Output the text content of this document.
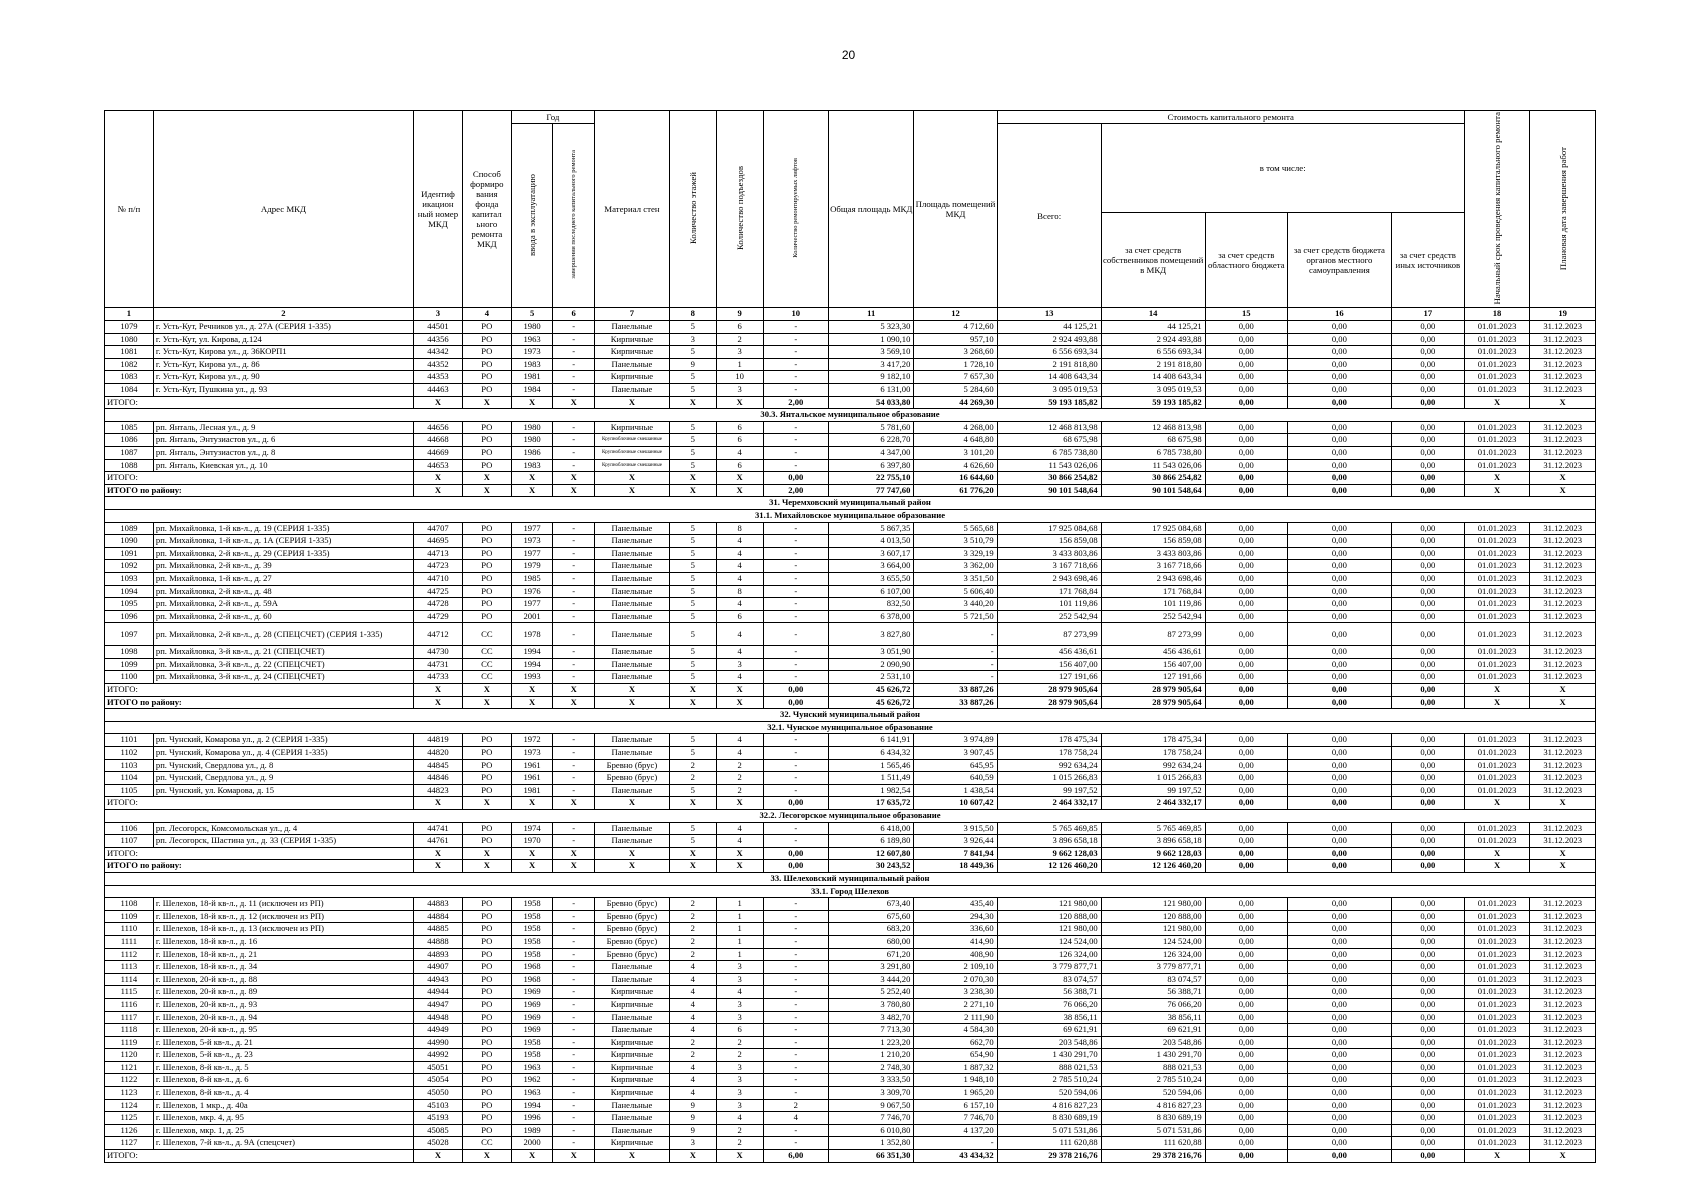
20
№ п/п	Адрес МКД	Идентиф икацион ный номер МКД	Способ формиро вания фонда капитал ьного ремонта МКД	Год		Материал стен	Количество этажей	Количество подъездов	Количество ремонтируемых лифтов	Общая площадь МКД	Площадь помещений МКД	Стоимость капитального ремонта					Начальный срок проведения капитального ремонта	Плановая дата завершения работ
				ввода в эксплуатацию	завершения последнего капитального ремонта							Всего:	в том числе:					
													за счет средств собственников помещений в МКД	за счет средств областного бюджета	за счет средств бюджета органов местного самоуправления	за счет средств иных источников		
1	2	3	4	5	6	7	8	9	10	11	12	13	14	15	16	17	18	19
1079	г. Усть-Кут, Речников ул., д. 27А (СЕРИЯ 1-335)	44501	РО	1980	-	Панельные	5	6	-	5 323,30	4 712,60	44 125,21	44 125,21	0,00	0,00	0,00	01.01.2023	31.12.2023
1080	г. Усть-Кут, ул. Кирова, д.124	44356	РО	1963	-	Кирпичные	3	2	-	1 090,10	957,10	2 924 493,88	2 924 493,88	0,00	0,00	0,00	01.01.2023	31.12.2023
1081	г. Усть-Кут, Кирова ул., д. 36КОРП1	44342	РО	1973	-	Кирпичные	5	3	-	3 569,10	3 268,60	6 556 693,34	6 556 693,34	0,00	0,00	0,00	01.01.2023	31.12.2023
1082	г. Усть-Кут, Кирова ул., д. 86	44352	РО	1983	-	Панельные	9	1	-	3 417,20	1 728,10	2 191 818,80	2 191 818,80	0,00	0,00	0,00	01.01.2023	31.12.2023
1083	г. Усть-Кут, Кирова ул., д. 90	44353	РО	1981	-	Кирпичные	5	10	-	9 182,10	7 657,30	14 408 643,34	14 408 643,34	0,00	0,00	0,00	01.01.2023	31.12.2023
1084	г. Усть-Кут, Пушкина ул., д. 93	44463	РО	1984	-	Панельные	5	3	-	6 131,00	5 284,60	3 095 019,53	3 095 019,53	0,00	0,00	0,00	01.01.2023	31.12.2023
ИТОГО:		X	X	X	X	X	X	X	2,00	54 033,80	44 269,30	59 193 185,82	59 193 185,82	0,00	0,00	0,00	X	X
30.3. Янтальское муниципальное образование																		
1085	рп. Янталь, Лесная ул., д. 9	44656	РО	1980	-	Кирпичные	5	6	-	5 781,60	4 268,00	12 468 813,98	12 468 813,98	0,00	0,00	0,00	01.01.2023	31.12.2023
1086	рп. Янталь, Энтузиастов ул., д. 6	44668	РО	1980	-	Крупноблочные смешанные	5	6	-	6 228,70	4 648,80	68 675,98	68 675,98	0,00	0,00	0,00	01.01.2023	31.12.2023
1087	рп. Янталь, Энтузиастов ул., д. 8	44669	РО	1986	-	Крупноблочные смешанные	5	4	-	4 347,00	3 101,20	6 785 738,80	6 785 738,80	0,00	0,00	0,00	01.01.2023	31.12.2023
1088	рп. Янталь, Киевская ул., д. 10	44653	РО	1983	-	Крупноблочные смешанные	5	6	-	6 397,80	4 626,60	11 543 026,06	11 543 026,06	0,00	0,00	0,00	01.01.2023	31.12.2023
ИТОГО:		X	X	X	X	X	X	X	0,00	22 755,10	16 644,60	30 866 254,82	30 866 254,82	0,00	0,00	0,00	X	X
ИТОГО по району:		X	X	X	X	X	X	X	2,00	77 747,60	61 776,20	90 101 548,64	90 101 548,64	0,00	0,00	0,00	X	X
31. Черемховский муниципальный район																		
31.1. Михайловское муниципальное образование																		
1089	рп. Михайловка, 1-й кв-л., д. 19 (СЕРИЯ 1-335)	44707	РО	1977	-	Панельные	5	8	-	5 867,35	5 565,68	17 925 084,68	17 925 084,68	0,00	0,00	0,00	01.01.2023	31.12.2023
1090	рп. Михайловка, 1-й кв-л., д. 1А (СЕРИЯ 1-335)	44695	РО	1973	-	Панельные	5	4	-	4 013,50	3 510,79	156 859,08	156 859,08	0,00	0,00	0,00	01.01.2023	31.12.2023
1091	рп. Михайловка, 2-й кв-л., д. 29 (СЕРИЯ 1-335)	44713	РО	1977	-	Панельные	5	4	-	3 607,17	3 329,19	3 433 803,86	3 433 803,86	0,00	0,00	0,00	01.01.2023	31.12.2023
1092	рп. Михайловка, 2-й кв-л., д. 39	44723	РО	1979	-	Панельные	5	4	-	3 664,00	3 362,00	3 167 718,66	3 167 718,66	0,00	0,00	0,00	01.01.2023	31.12.2023
1093	рп. Михайловка, 1-й кв-л., д. 27	44710	РО	1985	-	Панельные	5	4	-	3 655,50	3 351,50	2 943 698,46	2 943 698,46	0,00	0,00	0,00	01.01.2023	31.12.2023
1094	рп. Михайловка, 2-й кв-л., д. 48	44725	РО	1976	-	Панельные	5	8	-	6 107,00	5 606,40	171 768,84	171 768,84	0,00	0,00	0,00	01.01.2023	31.12.2023
1095	рп. Михайловка, 2-й кв-л., д. 59А	44728	РО	1977	-	Панельные	5	4	-	832,50	3 440,20	101 119,86	101 119,86	0,00	0,00	0,00	01.01.2023	31.12.2023
1096	рп. Михайловка, 2-й кв-л., д. 60	44729	РО	2001	-	Панельные	5	6	-	6 378,00	5 721,50	252 542,94	252 542,94	0,00	0,00	0,00	01.01.2023	31.12.2023
1097	рп. Михайловка, 2-й кв-л., д. 28 (СПЕЦСЧЕТ) (СЕРИЯ 1-335)	44712	СС	1978	-	Панельные	5	4	-	3 827,80	-	87 273,99	87 273,99	0,00	0,00	0,00	01.01.2023	31.12.2023
1098	рп. Михайловка, 3-й кв-л., д. 21 (СПЕЦСЧЕТ)	44730	СС	1994	-	Панельные	5	4	-	3 051,90	-	456 436,61	456 436,61	0,00	0,00	0,00	01.01.2023	31.12.2023
1099	рп. Михайловка, 3-й кв-л., д. 22 (СПЕЦСЧЕТ)	44731	СС	1994	-	Панельные	5	3	-	2 090,90	-	156 407,00	156 407,00	0,00	0,00	0,00	01.01.2023	31.12.2023
1100	рп. Михайловка, 3-й кв-л., д. 24 (СПЕЦСЧЕТ)	44733	СС	1993	-	Панельные	5	4	-	2 531,10	-	127 191,66	127 191,66	0,00	0,00	0,00	01.01.2023	31.12.2023
ИТОГО:		X	X	X	X	X	X	X	0,00	45 626,72	33 887,26	28 979 905,64	28 979 905,64	0,00	0,00	0,00	X	X
ИТОГО по району:		X	X	X	X	X	X	X	0,00	45 626,72	33 887,26	28 979 905,64	28 979 905,64	0,00	0,00	0,00	X	X
32. Чунский муниципальный район																		
32.1. Чунское муниципальное образование																		
1101	рп. Чунский, Комарова ул., д. 2 (СЕРИЯ 1-335)	44819	РО	1972	-	Панельные	5	4	-	6 141,91	3 974,89	178 475,34	178 475,34	0,00	0,00	0,00	01.01.2023	31.12.2023
1102	рп. Чунский, Комарова ул., д. 4 (СЕРИЯ 1-335)	44820	РО	1973	-	Панельные	5	4	-	6 434,32	3 907,45	178 758,24	178 758,24	0,00	0,00	0,00	01.01.2023	31.12.2023
1103	рп. Чунский, Свердлова ул., д. 8	44845	РО	1961	-	Бревно (брус)	2	2	-	1 565,46	645,95	992 634,24	992 634,24	0,00	0,00	0,00	01.01.2023	31.12.2023
1104	рп. Чунский, Свердлова ул., д. 9	44846	РО	1961	-	Бревно (брус)	2	2	-	1 511,49	640,59	1 015 266,83	1 015 266,83	0,00	0,00	0,00	01.01.2023	31.12.2023
1105	рп. Чунский, ул. Комарова, д. 15	44823	РО	1981	-	Панельные	5	2	-	1 982,54	1 438,54	99 197,52	99 197,52	0,00	0,00	0,00	01.01.2023	31.12.2023
ИТОГО:		X	X	X	X	X	X	X	0,00	17 635,72	10 607,42	2 464 332,17	2 464 332,17	0,00	0,00	0,00	X	X
32.2. Лесогорское муниципальное образование																		
1106	рп. Лесогорск, Комсомольская ул., д. 4	44741	РО	1974	-	Панельные	5	4	-	6 418,00	3 915,50	5 765 469,85	5 765 469,85	0,00	0,00	0,00	01.01.2023	31.12.2023
1107	рп. Лесогорск, Шастина ул., д. 33 (СЕРИЯ 1-335)	44761	РО	1970	-	Панельные	5	4	-	6 189,80	3 926,44	3 896 658,18	3 896 658,18	0,00	0,00	0,00	01.01.2023	31.12.2023
ИТОГО:		X	X	X	X	X	X	X	0,00	12 607,80	7 841,94	9 662 128,03	9 662 128,03	0,00	0,00	0,00	X	X
ИТОГО по району:		X	X	X	X	X	X	X	0,00	30 243,52	18 449,36	12 126 460,20	12 126 460,20	0,00	0,00	0,00	X	X
33. Шелеховский муниципальный район																		
33.1. Город Шелехов																		
1108	г. Шелехов, 18-й кв-л., д. 11 (исключен из РП)	44883	РО	1958	-	Бревно (брус)	2	1	-	673,40	435,40	121 980,00	121 980,00	0,00	0,00	0,00	01.01.2023	31.12.2023
1109	г. Шелехов, 18-й кв-л., д. 12 (исключен из РП)	44884	РО	1958	-	Бревно (брус)	2	1	-	675,60	294,30	120 888,00	120 888,00	0,00	0,00	0,00	01.01.2023	31.12.2023
1110	г. Шелехов, 18-й кв-л., д. 13 (исключен из РП)	44885	РО	1958	-	Бревно (брус)	2	1	-	683,20	336,60	121 980,00	121 980,00	0,00	0,00	0,00	01.01.2023	31.12.2023
1111	г. Шелехов, 18-й кв-л., д. 16	44888	РО	1958	-	Бревно (брус)	2	1	-	680,00	414,90	124 524,00	124 524,00	0,00	0,00	0,00	01.01.2023	31.12.2023
1112	г. Шелехов, 18-й кв-л., д. 21	44893	РО	1958	-	Бревно (брус)	2	1	-	671,20	408,90	126 324,00	126 324,00	0,00	0,00	0,00	01.01.2023	31.12.2023
1113	г. Шелехов, 18-й кв-л., д. 34	44907	РО	1968	-	Панельные	4	3	-	3 291,80	2 109,10	3 779 877,71	3 779 877,71	0,00	0,00	0,00	01.01.2023	31.12.2023
1114	г. Шелехов, 20-й кв-л., д. 88	44943	РО	1968	-	Панельные	4	3	-	3 444,20	2 070,30	83 074,57	83 074,57	0,00	0,00	0,00	01.01.2023	31.12.2023
1115	г. Шелехов, 20-й кв-л., д. 89	44944	РО	1969	-	Кирпичные	4	4	-	5 252,40	3 238,30	56 388,71	56 388,71	0,00	0,00	0,00	01.01.2023	31.12.2023
1116	г. Шелехов, 20-й кв-л., д. 93	44947	РО	1969	-	Кирпичные	4	3	-	3 780,80	2 271,10	76 066,20	76 066,20	0,00	0,00	0,00	01.01.2023	31.12.2023
1117	г. Шелехов, 20-й кв-л., д. 94	44948	РО	1969	-	Панельные	4	3	-	3 482,70	2 111,90	38 856,11	38 856,11	0,00	0,00	0,00	01.01.2023	31.12.2023
1118	г. Шелехов, 20-й кв-л., д. 95	44949	РО	1969	-	Панельные	4	6	-	7 713,30	4 584,30	69 621,91	69 621,91	0,00	0,00	0,00	01.01.2023	31.12.2023
1119	г. Шелехов, 5-й кв-л., д. 21	44990	РО	1958	-	Кирпичные	2	2	-	1 223,20	662,70	203 548,86	203 548,86	0,00	0,00	0,00	01.01.2023	31.12.2023
1120	г. Шелехов, 5-й кв-л., д. 23	44992	РО	1958	-	Кирпичные	2	2	-	1 210,20	654,90	1 430 291,70	1 430 291,70	0,00	0,00	0,00	01.01.2023	31.12.2023
1121	г. Шелехов, 8-й кв-л., д. 5	45051	РО	1963	-	Кирпичные	4	3	-	2 748,30	1 887,32	888 021,53	888 021,53	0,00	0,00	0,00	01.01.2023	31.12.2023
1122	г. Шелехов, 8-й кв-л., д. 6	45054	РО	1962	-	Кирпичные	4	3	-	3 333,50	1 948,10	2 785 510,24	2 785 510,24	0,00	0,00	0,00	01.01.2023	31.12.2023
1123	г. Шелехов, 8-й кв-л., д. 4	45050	РО	1963	-	Кирпичные	4	3	-	3 309,70	1 965,20	520 594,06	520 594,06	0,00	0,00	0,00	01.01.2023	31.12.2023
1124	г. Шелехов, 1 мкр., д. 40а	45103	РО	1994	-	Панельные	9	3	2	9 067,50	6 157,10	4 816 827,23	4 816 827,23	0,00	0,00	0,00	01.01.2023	31.12.2023
1125	г. Шелехов, мкр. 4, д. 95	45193	РО	1996	-	Панельные	9	4	4	7 746,70	7 746,70	8 830 689,19	8 830 689,19	0,00	0,00	0,00	01.01.2023	31.12.2023
1126	г. Шелехов, мкр. 1, д. 25	45085	РО	1989	-	Панельные	9	2	-	6 010,80	4 137,20	5 071 531,86	5 071 531,86	0,00	0,00	0,00	01.01.2023	31.12.2023
1127	г. Шелехов, 7-й кв-л., д. 9А (спецсчет)	45028	СС	2000	-	Кирпичные	3	2	-	1 352,80	-	111 620,88	111 620,88	0,00	0,00	0,00	01.01.2023	31.12.2023
ИТОГО:		X	X	X	X	X	X	X	6,00	66 351,30	43 434,32	29 378 216,76	29 378 216,76	0,00	0,00	0,00	X	X
